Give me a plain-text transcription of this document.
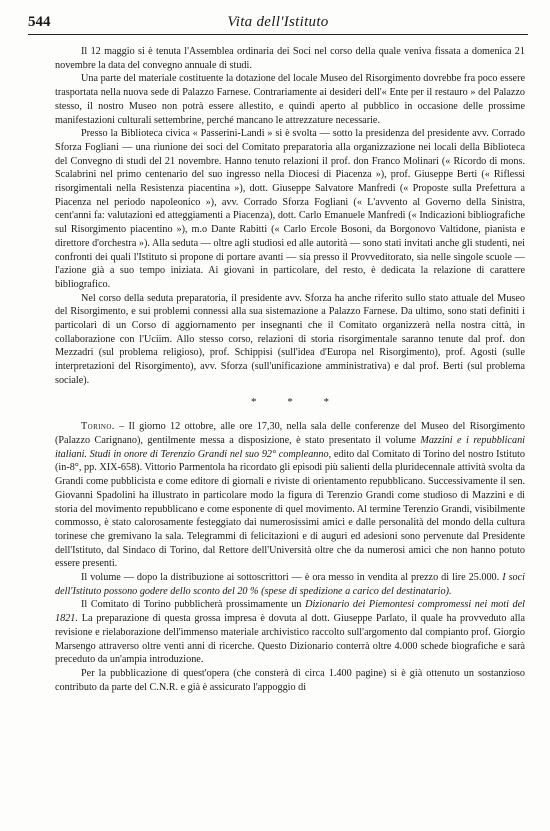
544	Vita dell'Istituto

Il 12 maggio si è tenuta l'Assemblea ordinaria dei Soci nel corso della quale veniva fissata a domenica 21 novembre la data del convegno annuale di studi.

Una parte del materiale costituente la dotazione del locale Museo del Risorgimento dovrebbe fra poco essere trasportata nella nuova sede di Palazzo Farnese. Contrariamente ai desideri dell'« Ente per il restauro » del Palazzo stesso, il nostro Museo non potrà essere allestito, e quindi aperto al pubblico in occasione delle prossime manifestazioni culturali settembrine, perché mancano le attrezzature necessarie.

Presso la Biblioteca civica « Passerini-Landi » si è svolta — sotto la presidenza del presidente avv. Corrado Sforza Fogliani — una riunione dei soci del Comitato preparatoria alla organizzazione nei locali della Biblioteca del Convegno di studi del 21 novembre. Hanno tenuto relazioni il prof. don Franco Molinari (« Ricordo di mons. Scalabrini nel primo centenario del suo ingresso nella Diocesi di Piacenza »), prof. Giuseppe Berti (« Riflessi risorgimentali nella Resistenza piacentina »), dott. Giuseppe Salvatore Manfredi (« Proposte sulla Prefettura a Piacenza nel periodo napoleonico »), avv. Corrado Sforza Fogliani (« L'avvento al Governo della Sinistra, cent'anni fa: valutazioni ed atteggiamenti a Piacenza), dott. Carlo Emanuele Manfredi (« Indicazioni bibliografiche sul Risorgimento piacentino »), m.o Dante Rabitti (« Carlo Ercole Bosoni, da Borgonovo Valtidone, pianista e direttore d'orchestra »). Alla seduta — oltre agli studiosi ed alle autorità — sono stati invitati anche gli studenti, nei confronti dei quali l'Istituto si propone di portare avanti — sia presso il Provveditorato, sia nelle singole scuole — l'azione già a suo tempo iniziata. Ai giovani in particolare, del resto, è dedicata la relazione di carattere bibliografico.

Nel corso della seduta preparatoria, il presidente avv. Sforza ha anche riferito sullo stato attuale del Museo del Risorgimento, e sui problemi connessi alla sua sistemazione a Palazzo Farnese. Da ultimo, sono stati definiti i particolari di un Corso di aggiornamento per insegnanti che il Comitato organizzerà nella nostra città, in collaborazione con l'Uciim. Allo stesso corso, relazioni di storia risorgimentale saranno tenute dal prof. don Mezzadri (sul problema religioso), prof. Schippisi (sull'idea d'Europa nel Risorgimento), prof. Agosti (sulle interpretazioni del Risorgimento), avv. Sforza (sull'unificazione amministrativa) e dal prof. Berti (sul problema sociale).

* * *

Torino. – Il giorno 12 ottobre, alle ore 17,30, nella sala delle conferenze del Museo del Risorgimento (Palazzo Carignano), gentilmente messa a disposizione, è stato presentato il volume Mazzini e i repubblicani italiani. Studi in onore di Terenzio Grandi nel suo 92° compleanno, edito dal Comitato di Torino del nostro Istituto (in-8°, pp. XIX-658). Vittorio Parmentola ha ricordato gli episodi più salienti della pluridecennale attività svolta da Grandi come pubblicista e come editore di giornali e riviste di orientamento repubblicano. Successivamente il sen. Giovanni Spadolini ha illustrato in particolare modo la figura di Terenzio Grandi come studioso di Mazzini e di storia del movimento repubblicano e come esponente di quel movimento. Al termine Terenzio Grandi, visibilmente commosso, è stato calorosamente festeggiato dai numerosissimi amici e dalle personalità del mondo della cultura torinese che gremivano la sala. Telegrammi di felicitazioni e di auguri ed adesioni sono pervenute dal Presidente dell'Istituto, dal Sindaco di Torino, dal Rettore dell'Università oltre che da numerosi amici che non hanno potuto essere presenti.

Il volume — dopo la distribuzione ai sottoscrittori — è ora messo in vendita al prezzo di lire 25.000. I soci dell'Istituto possono godere dello sconto del 20 % (spese di spedizione a carico del destinatario).

Il Comitato di Torino pubblicherà prossimamente un Dizionario dei Piemontesi compromessi nei moti del 1821. La preparazione di questa grossa impresa è dovuta al dott. Giuseppe Parlato, il quale ha provveduto alla revisione e rielaborazione dell'immenso materiale archivistico raccolto sull'argomento dal compianto prof. Giorgio Marsengo attraverso oltre venti anni di ricerche. Questo Dizionario conterrà oltre 4.000 schede biografiche e sarà preceduto da un'ampia introduzione.

Per la pubblicazione di quest'opera (che consterà di circa 1.400 pagine) si è già ottenuto un sostanzioso contributo da parte del C.N.R. e già è assicurato l'appoggio di
